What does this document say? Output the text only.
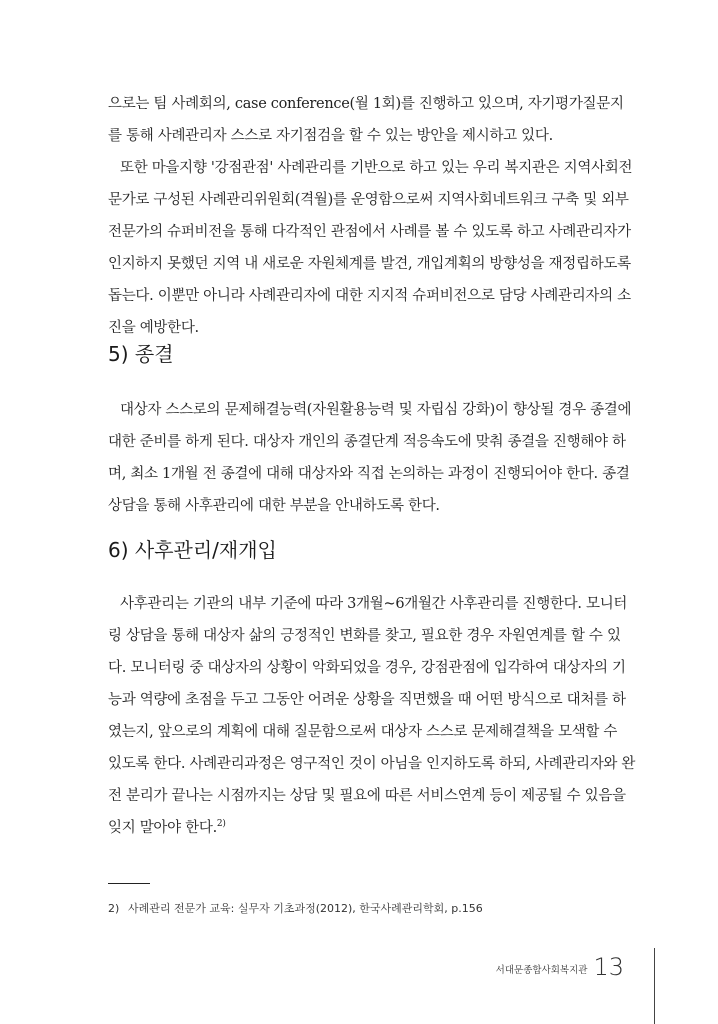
으로는 팀 사례회의, case conference(월 1회)를 진행하고 있으며, 자기평가질문지
를 통해 사례관리자 스스로 자기점검을 할 수 있는 방안을 제시하고 있다.

또한 마을지향 '강점관점' 사례관리를 기반으로 하고 있는 우리 복지관은 지역사회전
문가로 구성된 사례관리위원회(격월)를 운영함으로써 지역사회네트워크 구축 및 외부
전문가의 슈퍼비전을 통해 다각적인 관점에서 사례를 볼 수 있도록 하고 사례관리자가
인지하지 못했던 지역 내 새로운 자원체계를 발견, 개입계획의 방향성을 재정립하도록
돕는다. 이뿐만 아니라 사례관리자에 대한 지지적 슈퍼비전으로 담당 사례관리자의 소
진을 예방한다.

5) 종결

대상자 스스로의 문제해결능력(자원활용능력 및 자립심 강화)이 향상될 경우 종결에
대한 준비를 하게 된다. 대상자 개인의 종결단계 적응속도에 맞춰 종결을 진행해야 하
며, 최소 1개월 전 종결에 대해 대상자와 직접 논의하는 과정이 진행되어야 한다. 종결
상담을 통해 사후관리에 대한 부분을 안내하도록 한다.

6) 사후관리/재개입

사후관리는 기관의 내부 기준에 따라 3개월~6개월간 사후관리를 진행한다. 모니터
링 상담을 통해 대상자 삶의 긍정적인 변화를 찾고, 필요한 경우 자원연계를 할 수 있
다. 모니터링 중 대상자의 상황이 악화되었을 경우, 강점관점에 입각하여 대상자의 기
능과 역량에 초점을 두고 그동안 어려운 상황을 직면했을 때 어떤 방식으로 대처를 하
였는지, 앞으로의 계획에 대해 질문함으로써 대상자 스스로 문제해결책을 모색할 수
있도록 한다. 사례관리과정은 영구적인 것이 아님을 인지하도록 하되, 사례관리자와 완
전 분리가 끝나는 시점까지는 상담 및 필요에 따른 서비스연계 등이 제공될 수 있음을
잊지 말아야 한다.$^{2)}$

2) 사례관리 전문가 교육: 실무자 기초과정(2012), 한국사례관리학회, p.156

서대문종합사회복지관 13
